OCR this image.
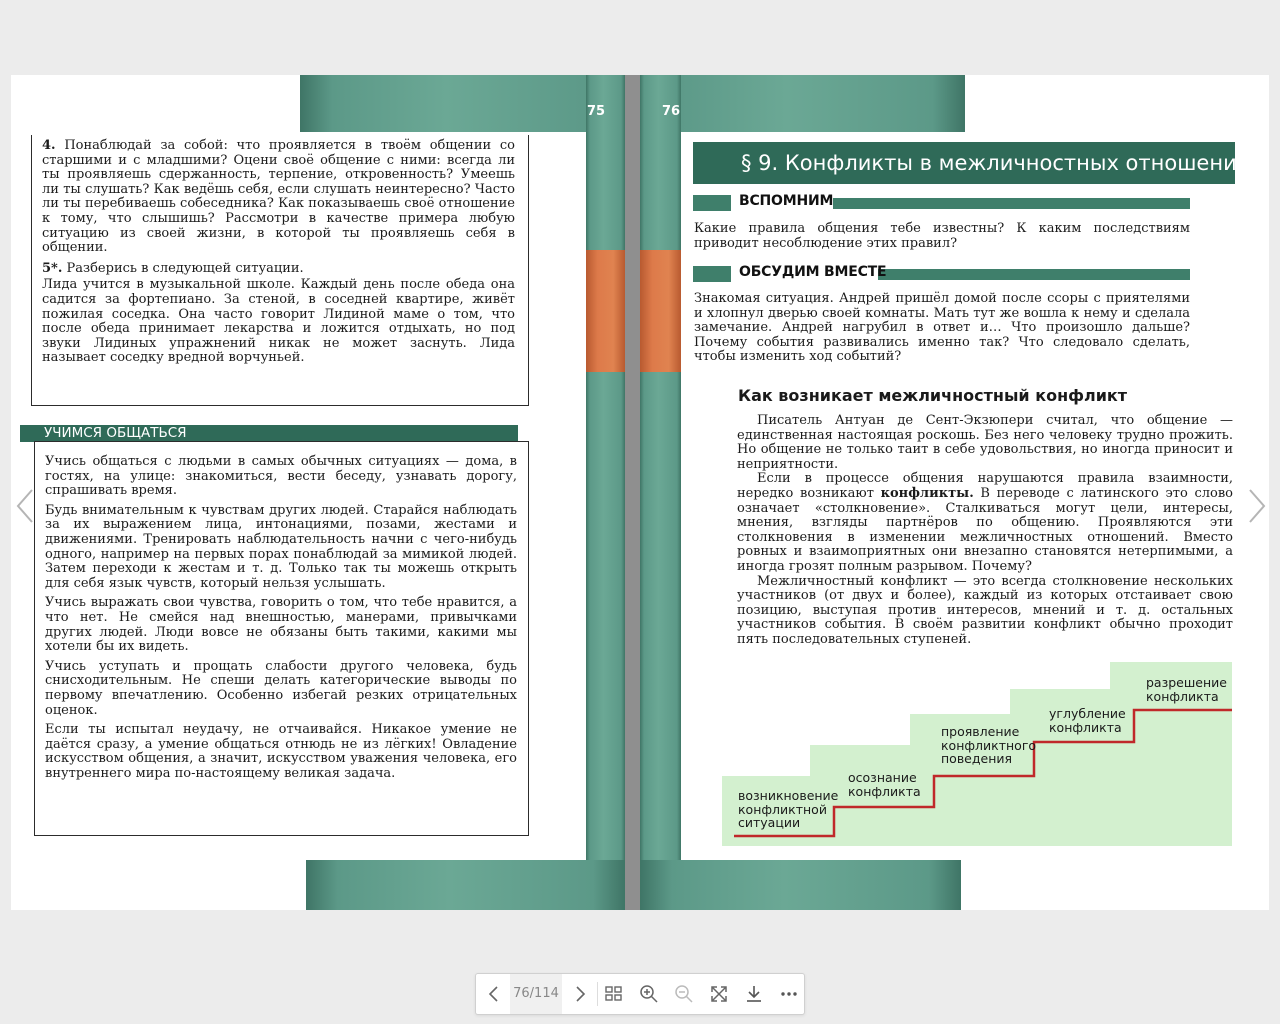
75

4. Понаблюдай за собой: что проявляется в твоём общении со старшими и с младшими? Оцени своё общение с ними: всегда ли ты проявляешь сдержанность, терпение, откровенность? Умеешь ли ты слушать? Как ведёшь себя, если слушать неинтересно? Часто ли ты перебиваешь собеседника? Как показываешь своё отношение к тому, что слышишь? Рассмотри в качестве примера любую ситуацию из своей жизни, в которой ты проявляешь себя в общении.

5*. Разберись в следующей ситуации.

Лида учится в музыкальной школе. Каждый день после обеда она садится за фортепиано. За стеной, в соседней квартире, живёт пожилая соседка. Она часто говорит Лидиной маме о том, что после обеда принимает лекарства и ложится отдыхать, но под звуки Лидиных упражнений никак не может заснуть. Лида называет соседку вредной ворчуньей.

УЧИМСЯ ОБЩАТЬСЯ

Учись общаться с людьми в самых обычных ситуациях — дома, в гостях, на улице: знакомиться, вести беседу, узнавать дорогу, спрашивать время.

Будь внимательным к чувствам других людей. Старайся наблюдать за их выражением лица, интонациями, позами, жестами и движениями. Тренировать наблюдательность начни с чего-нибудь одного, например на первых порах понаблюдай за мимикой людей. Затем переходи к жестам и т. д. Только так ты можешь открыть для себя язык чувств, который нельзя услышать.

Учись выражать свои чувства, говорить о том, что тебе нравится, а что нет. Не смейся над внешностью, манерами, привычками других людей. Люди вовсе не обязаны быть такими, какими мы хотели бы их видеть.

Учись уступать и прощать слабости другого человека, будь снисходительным. Не спеши делать категорические выводы по первому впечатлению. Особенно избегай резких отрицательных оценок.

Если ты испытал неудачу, не отчаивайся. Никакое умение не даётся сразу, а умение общаться отнюдь не из лёгких! Овладение искусством общения, а значит, искусством уважения человека, его внутреннего мира по-настоящему великая задача.

76
§ 9. Конфликты в межличностных отношениях
ВСПОМНИМ

Какие правила общения тебе известны? К каким последствиям приводит несоблюдение этих правил?

ОБСУДИМ ВМЕСТЕ

Знакомая ситуация. Андрей пришёл домой после ссоры с приятелями и хлопнул дверью своей комнаты. Мать тут же вошла к нему и сделала замечание. Андрей нагрубил в ответ и… Что произошло дальше? Почему события развивались именно так? Что следовало сделать, чтобы изменить ход событий?

Как возникает межличностный конфликт

Писатель Антуан де Сент-Экзюпери считал, что общение — единственная настоящая роскошь. Без него человеку трудно прожить. Но общение не только таит в себе удовольствия, но иногда приносит и неприятности.

Если в процессе общения нарушаются правила взаимности, нередко возникают конфликты. В переводе с латинского это слово означает «столкновение». Сталкиваться могут цели, интересы, мнения, взгляды партнёров по общению. Проявляются эти столкновения в изменении межличностных отношений. Вместо ровных и взаимоприятных они внезапно становятся нетерпимыми, а иногда грозят полным разрывом. Почему?

Межличностный конфликт — это всегда столкновение нескольких участников (от двух и более), каждый из которых отстаивает свою позицию, выступая против интересов, мнений и т. д. остальных участников события. В своём развитии конфликт обычно проходит пять последовательных ступеней.

возникновение
конфликтной
ситуации
осознание
конфликта
проявление
конфликтного
поведения
углубление
конфликта
разрешение
конфликта
76/114
